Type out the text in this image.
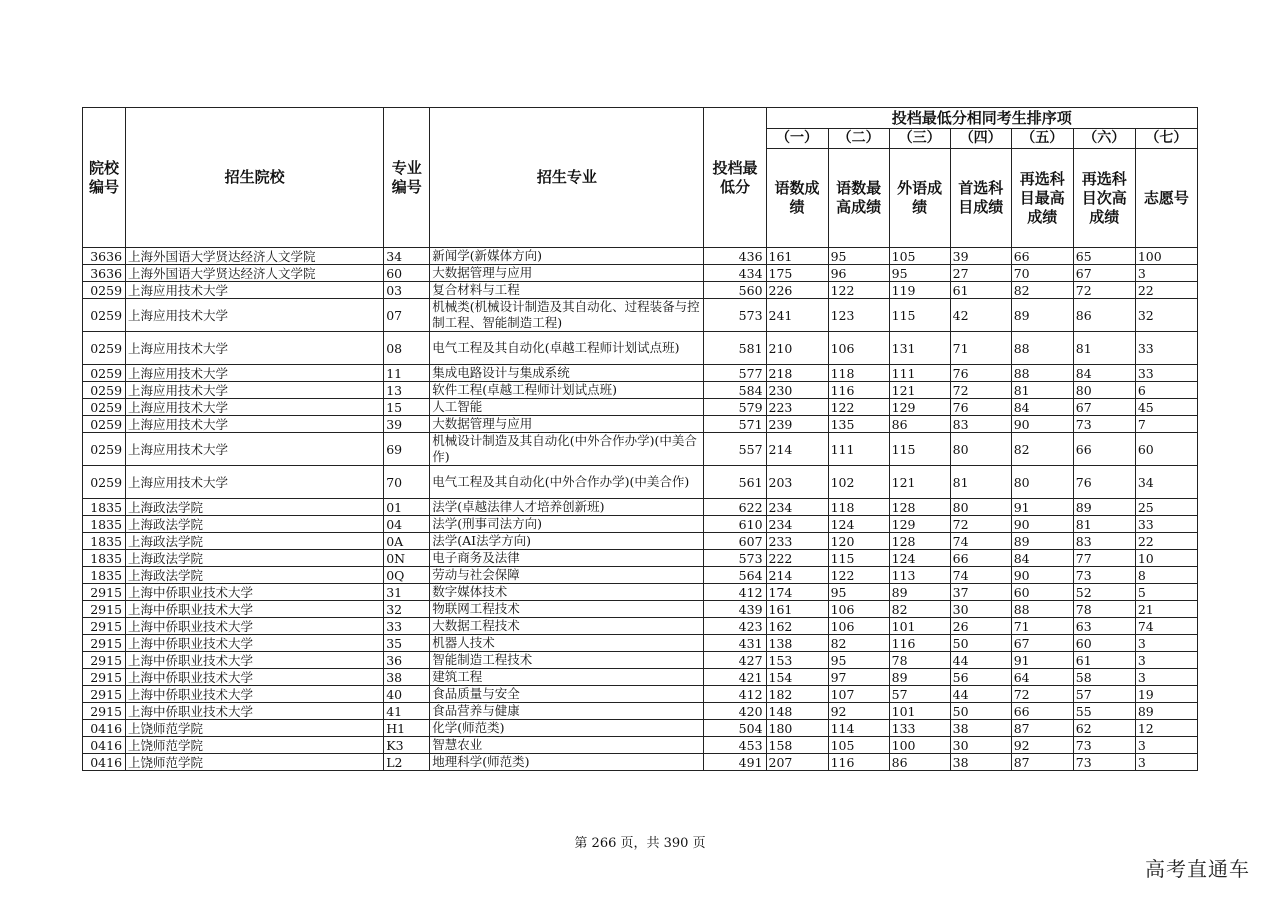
院校编号	招生院校	专业编号	招生专业	投档最低分	投档最低分相同考生排序项						
					（一）	（二）	（三）	（四）	（五）	（六）	（七）
					语数成绩	语数最高成绩	外语成绩	首选科目成绩	再选科目最高成绩	再选科目次高成绩	志愿号
3636	上海外国语大学贤达经济人文学院	34	新闻学(新媒体方向)	436	161	95	105	39	66	65	100
3636	上海外国语大学贤达经济人文学院	60	大数据管理与应用	434	175	96	95	27	70	67	3
0259	上海应用技术大学	03	复合材料与工程	560	226	122	119	61	82	72	22
0259	上海应用技术大学	07	机械类(机械设计制造及其自动化、过程装备与控制工程、智能制造工程)	573	241	123	115	42	89	86	32
0259	上海应用技术大学	08	电气工程及其自动化(卓越工程师计划试点班)	581	210	106	131	71	88	81	33
0259	上海应用技术大学	11	集成电路设计与集成系统	577	218	118	111	76	88	84	33
0259	上海应用技术大学	13	软件工程(卓越工程师计划试点班)	584	230	116	121	72	81	80	6
0259	上海应用技术大学	15	人工智能	579	223	122	129	76	84	67	45
0259	上海应用技术大学	39	大数据管理与应用	571	239	135	86	83	90	73	7
0259	上海应用技术大学	69	机械设计制造及其自动化(中外合作办学)(中美合作)	557	214	111	115	80	82	66	60
0259	上海应用技术大学	70	电气工程及其自动化(中外合作办学)(中美合作)	561	203	102	121	81	80	76	34
1835	上海政法学院	01	法学(卓越法律人才培养创新班)	622	234	118	128	80	91	89	25
1835	上海政法学院	04	法学(刑事司法方向)	610	234	124	129	72	90	81	33
1835	上海政法学院	0A	法学(AI法学方向)	607	233	120	128	74	89	83	22
1835	上海政法学院	0N	电子商务及法律	573	222	115	124	66	84	77	10
1835	上海政法学院	0Q	劳动与社会保障	564	214	122	113	74	90	73	8
2915	上海中侨职业技术大学	31	数字媒体技术	412	174	95	89	37	60	52	5
2915	上海中侨职业技术大学	32	物联网工程技术	439	161	106	82	30	88	78	21
2915	上海中侨职业技术大学	33	大数据工程技术	423	162	106	101	26	71	63	74
2915	上海中侨职业技术大学	35	机器人技术	431	138	82	116	50	67	60	3
2915	上海中侨职业技术大学	36	智能制造工程技术	427	153	95	78	44	91	61	3
2915	上海中侨职业技术大学	38	建筑工程	421	154	97	89	56	64	58	3
2915	上海中侨职业技术大学	40	食品质量与安全	412	182	107	57	44	72	57	19
2915	上海中侨职业技术大学	41	食品营养与健康	420	148	92	101	50	66	55	89
0416	上饶师范学院	H1	化学(师范类)	504	180	114	133	38	87	62	12
0416	上饶师范学院	K3	智慧农业	453	158	105	100	30	92	73	3
0416	上饶师范学院	L2	地理科学(师范类)	491	207	116	86	38	87	73	3
第 266 页，共 390 页
高考直通车
